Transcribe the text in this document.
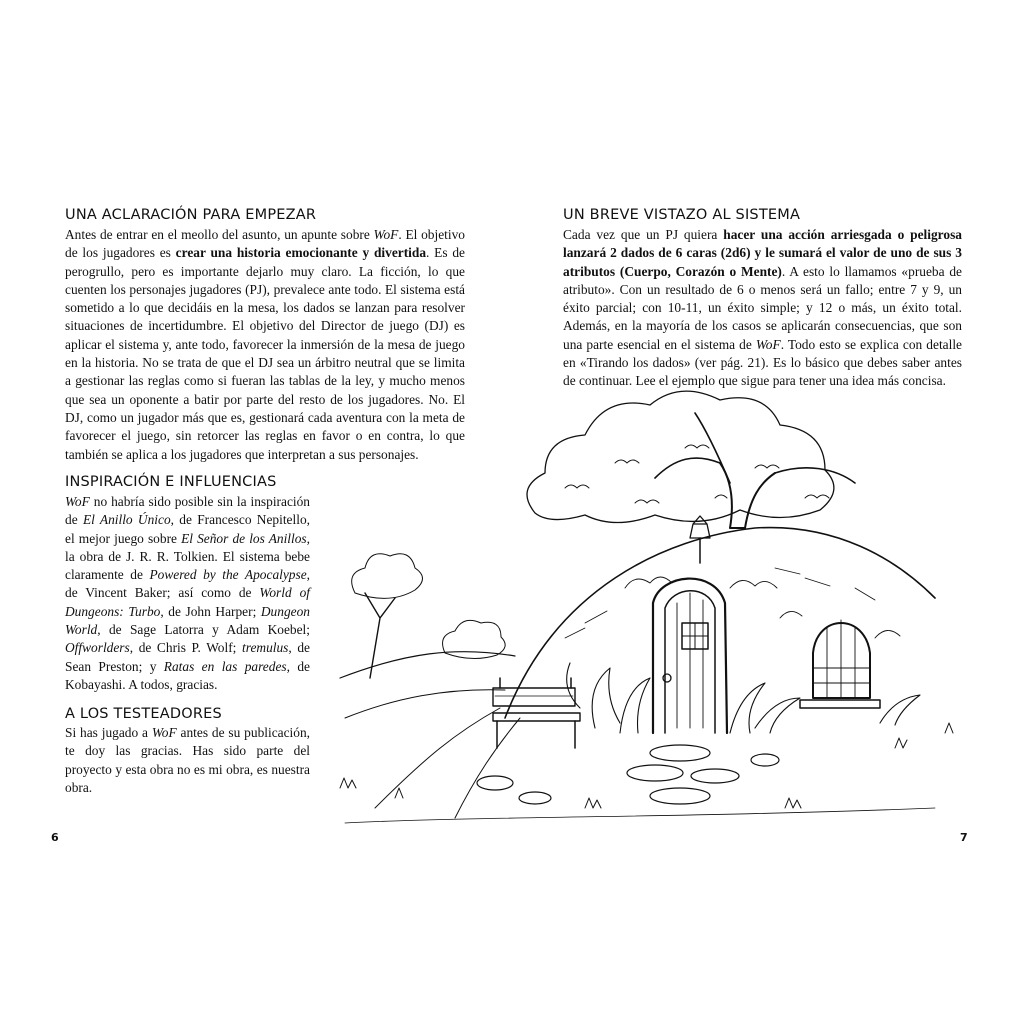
UNA ACLARACIÓN PARA EMPEZAR

Antes de entrar en el meollo del asunto, un apunte sobre WoF. El objetivo de los jugadores es crear una historia emocionante y divertida. Es de perogrullo, pero es importante dejarlo muy claro. La ficción, lo que cuenten los personajes jugadores (PJ), prevalece ante todo. El sistema está sometido a lo que decidáis en la mesa, los dados se lanzan para resolver situaciones de incertidumbre. El objetivo del Director de juego (DJ) es aplicar el sistema y, ante todo, favorecer la inmersión de la mesa de juego en la historia. No se trata de que el DJ sea un árbitro neutral que se limita a gestionar las reglas como si fueran las tablas de la ley, y mucho menos que sea un oponente a batir por parte del resto de los jugadores. No. El DJ, como un jugador más que es, gestionará cada aventura con la meta de favorecer el juego, sin retorcer las reglas en favor o en contra, lo que también se aplica a los jugadores que interpretan a sus personajes.

INSPIRACIÓN E INFLUENCIAS

WoF no habría sido posible sin la inspiración de El Anillo Único, de Francesco Nepitello, el mejor juego sobre El Señor de los Anillos, la obra de J. R. R. Tolkien. El sistema bebe claramente de Powered by the Apocalypse, de Vincent Baker; así como de World of Dungeons: Turbo, de John Harper; Dungeon World, de Sage Latorra y Adam Koebel; Offworlders, de Chris P. Wolf; tremulus, de Sean Preston; y Ratas en las paredes, de Kobayashi. A todos, gracias.

A LOS TESTEADORES

Si has jugado a WoF antes de su publicación, te doy las gracias. Has sido parte del proyecto y esta obra no es mi obra, es nuestra obra.

6
UN BREVE VISTAZO AL SISTEMA

Cada vez que un PJ quiera hacer una acción arriesgada o peligrosa lanzará 2 dados de 6 caras (2d6) y le sumará el valor de uno de sus 3 atributos (Cuerpo, Corazón o Mente). A esto lo llamamos «prueba de atributo». Con un resultado de 6 o menos será un fallo; entre 7 y 9, un éxito parcial; con 10-11, un éxito simple; y 12 o más, un éxito total. Además, en la mayoría de los casos se aplicarán consecuencias, que son una parte esencial en el sistema de WoF. Todo esto se explica con detalle en «Tirando los dados» (ver pág. 21). Es lo básico que debes saber antes de continuar. Lee el ejemplo que sigue para tener una idea más concisa.

7
